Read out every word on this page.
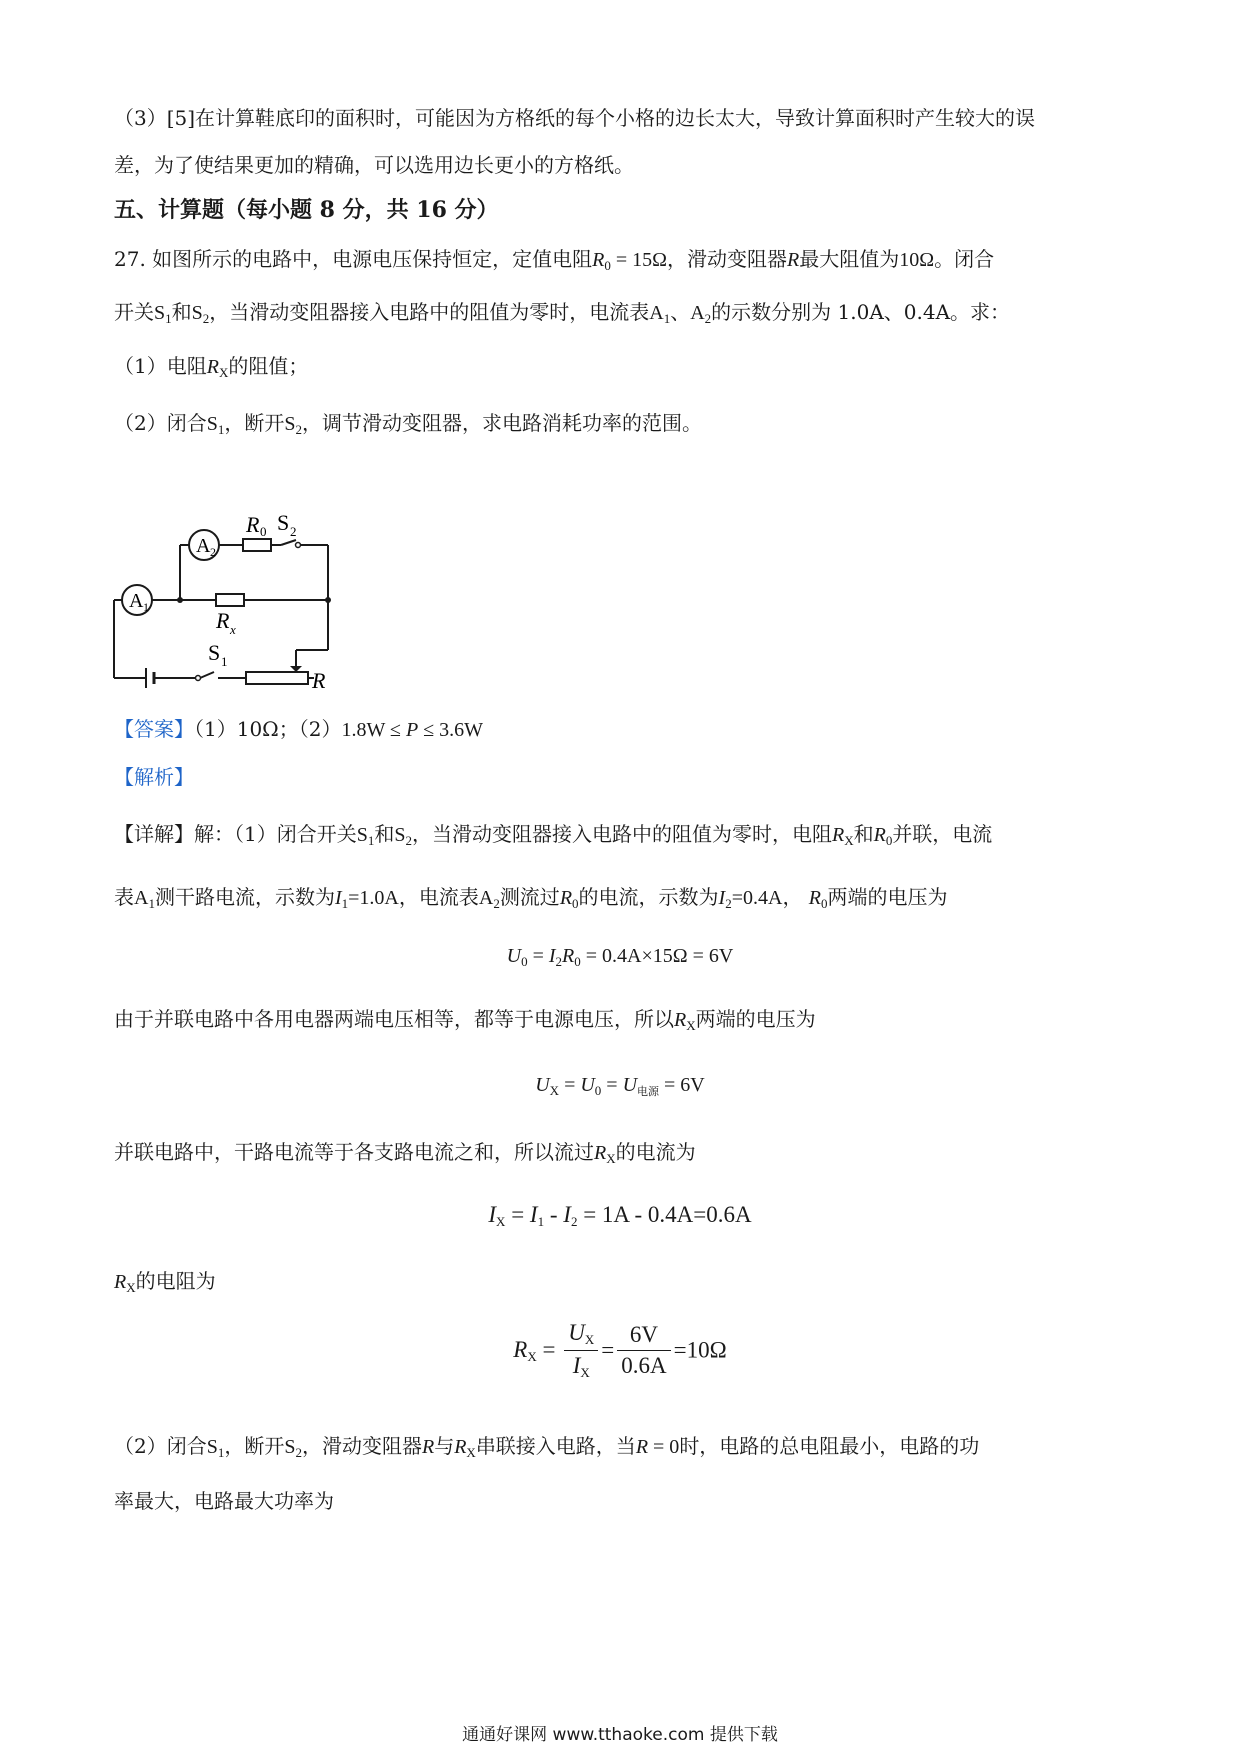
（3）[5]在计算鞋底印的面积时，可能因为方格纸的每个小格的边长太大，导致计算面积时产生较大的误
差，为了使结果更加的精确，可以选用边长更小的方格纸。
五、计算题（每小题 8 分，共 16 分）
27. 如图所示的电路中，电源电压保持恒定，定值电阻$R_0 = 15\Omega$，滑动变阻器R最大阻值为10Ω。闭合
开关$S_1$和$S_2$，当滑动变阻器接入电路中的阻值为零时，电流表$A_1$、$A_2$的示数分别为 1.0A、0.4A。求：
（1）电阻$R_X$的阻值；
（2）闭合$S_1$，断开$S_2$，调节滑动变阻器，求电路消耗功率的范围。
A 1
A 2
R 0 S 2
R x
S 1
R
【答案】（1）10Ω；（2）1.8W ≤ P ≤ 3.6W
【解析】
【详解】解：（1）闭合开关$S_1$和$S_2$，当滑动变阻器接入电路中的阻值为零时，电阻$R_X$和$R_0$并联，电流
表$A_1$测干路电流，示数为$I_1=1.0A$，电流表$A_2$测流过$R_0$的电流，示数为$I_2=0.4A$， $R_0$两端的电压为
$U_0 = I_2R_0 = 0.4A\times 15\Omega = 6V$
由于并联电路中各用电器两端电压相等，都等于电源电压，所以$R_X$两端的电压为
$U_X = U_0 = U_{电源} = 6V$
并联电路中，干路电流等于各支路电流之和，所以流过$R_X$的电流为
$I_X = I_1 - I_2 = 1A - 0.4A=0.6A$
$R_X$的电阻为
$R_X = \frac{U_X}{I_X} = \frac{6V}{0.6A} =10\Omega$
（2）闭合$S_1$，断开$S_2$，滑动变阻器R与$R_X$串联接入电路，当R = 0时，电路的总电阻最小，电路的功
率最大，电路最大功率为
通通好课网 www.tthaoke.com 提供下载
